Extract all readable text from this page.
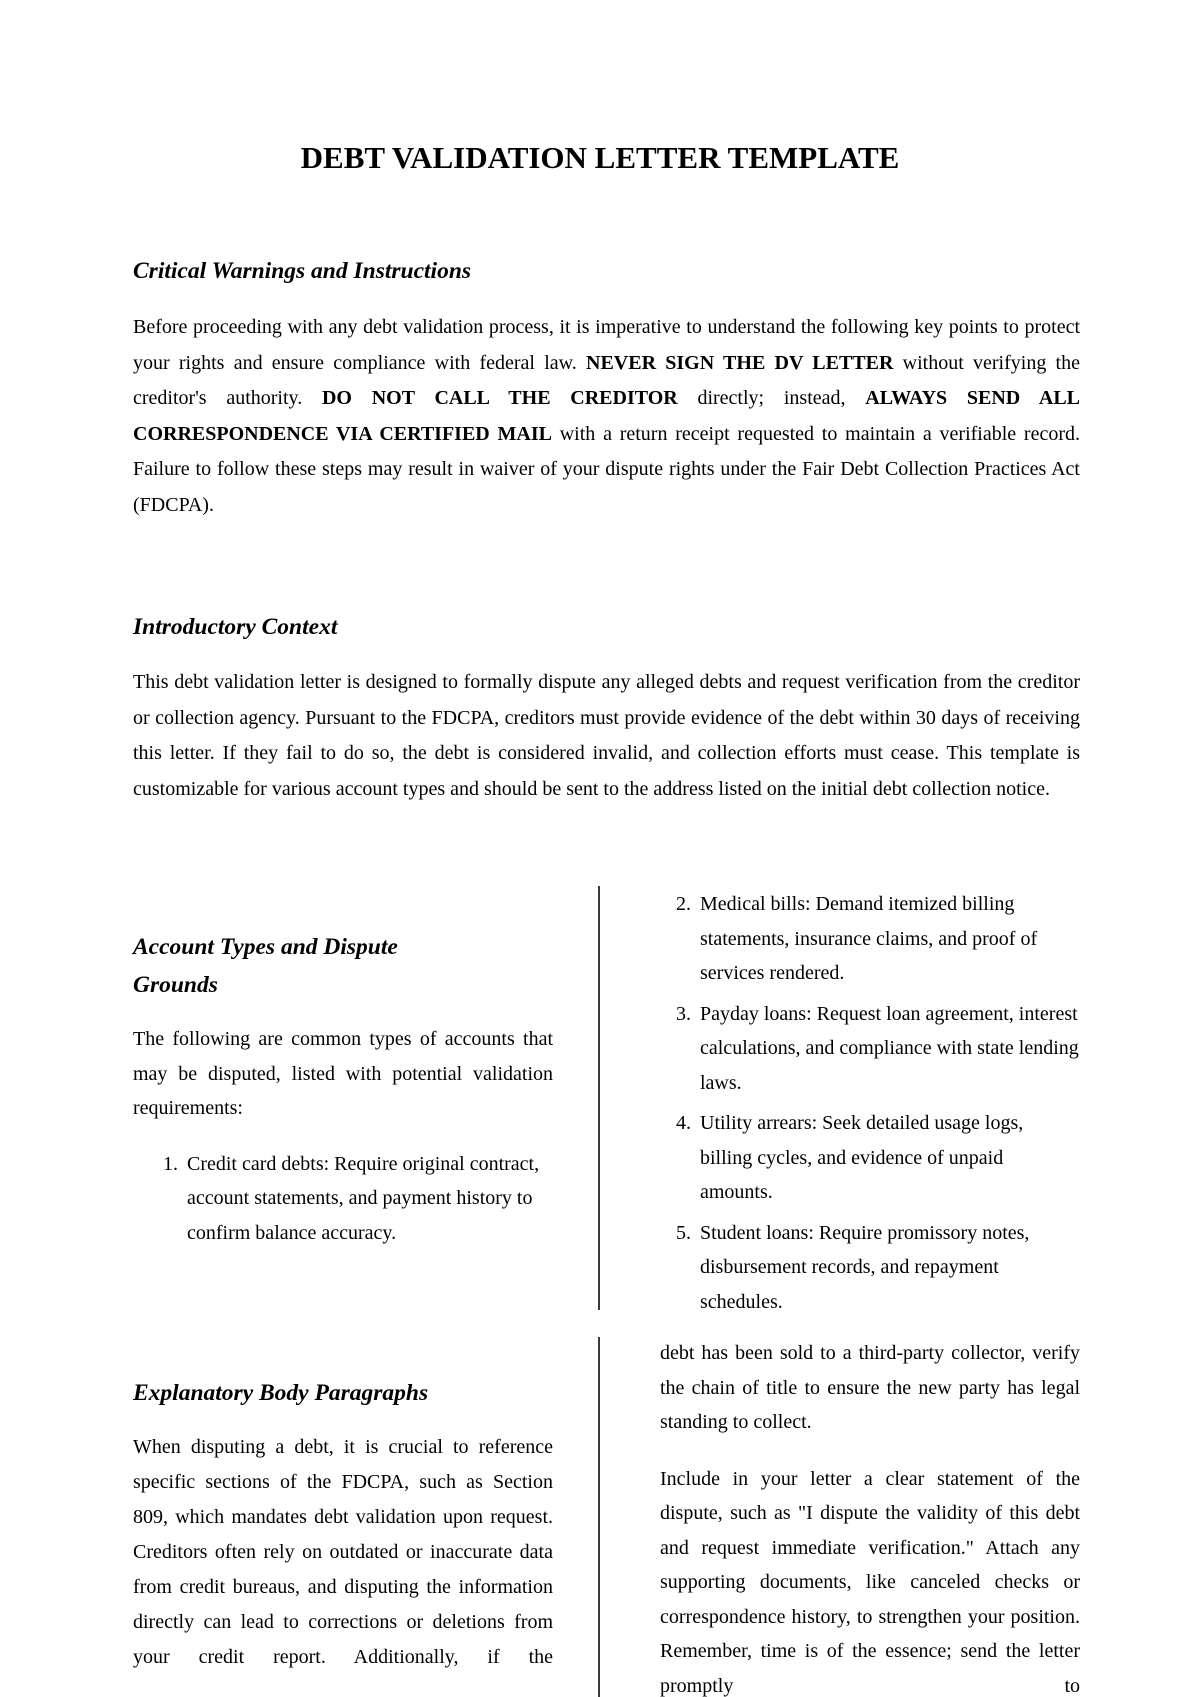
DEBT VALIDATION LETTER TEMPLATE
Critical Warnings and Instructions

Before proceeding with any debt validation process, it is imperative to understand the following key points to protect your rights and ensure compliance with federal law. NEVER SIGN THE DV LETTER without verifying the creditor's authority. DO NOT CALL THE CREDITOR directly; instead, ALWAYS SEND ALL CORRESPONDENCE VIA CERTIFIED MAIL with a return receipt requested to maintain a verifiable record. Failure to follow these steps may result in waiver of your dispute rights under the Fair Debt Collection Practices Act (FDCPA).

Introductory Context

This debt validation letter is designed to formally dispute any alleged debts and request verification from the creditor or collection agency. Pursuant to the FDCPA, creditors must provide evidence of the debt within 30 days of receiving this letter. If they fail to do so, the debt is considered invalid, and collection efforts must cease. This template is customizable for various account types and should be sent to the address listed on the initial debt collection notice.

Account Types and Dispute Grounds

The following are common types of accounts that may be disputed, listed with potential validation requirements:

1. Credit card debts: Require original contract, account statements, and payment history to confirm balance accuracy.
2. Medical bills: Demand itemized billing statements, insurance claims, and proof of services rendered.
3. Payday loans: Request loan agreement, interest calculations, and compliance with state lending laws.
4. Utility arrears: Seek detailed usage logs, billing cycles, and evidence of unpaid amounts.
5. Student loans: Require promissory notes, disbursement records, and repayment schedules.
Explanatory Body Paragraphs

When disputing a debt, it is crucial to reference specific sections of the FDCPA, such as Section 809, which mandates debt validation upon request. Creditors often rely on outdated or inaccurate data from credit bureaus, and disputing the information directly can lead to corrections or deletions from your credit report. Additionally, if the

debt has been sold to a third-party collector, verify the chain of title to ensure the new party has legal standing to collect.

Include in your letter a clear statement of the dispute, such as "I dispute the validity of this debt and request immediate verification." Attach any supporting documents, like canceled checks or correspondence history, to strengthen your position. Remember, time is of the essence; send the letter promptly to
